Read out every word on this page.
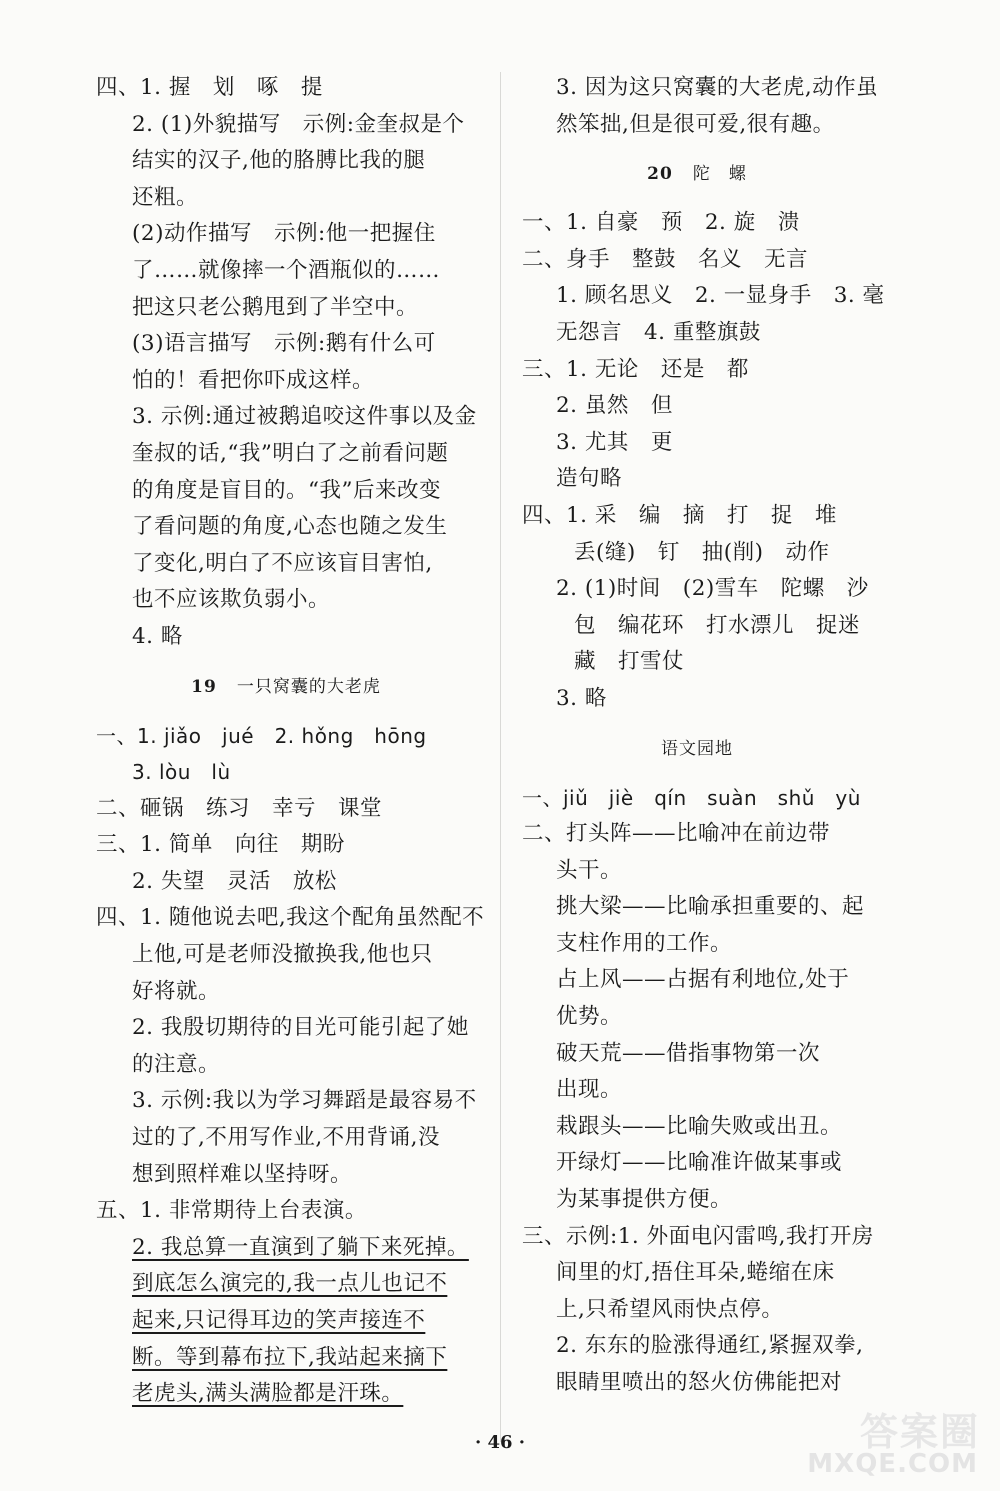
四、1. 握　划　啄　提
2. (1)外貌描写　示例:金奎叔是个
结实的汉子,他的胳膊比我的腿
还粗。
(2)动作描写　示例:他一把握住
了……就像摔一个酒瓶似的……
把这只老公鹅甩到了半空中。
(3)语言描写　示例:鹅有什么可
怕的！看把你吓成这样。
3. 示例:通过被鹅追咬这件事以及金
奎叔的话,“我”明白了之前看问题
的角度是盲目的。“我”后来改变
了看问题的角度,心态也随之发生
了变化,明白了不应该盲目害怕,
也不应该欺负弱小。
4. 略
19 一只窝囊的大老虎
一、1. jiǎo　jué　2. hǒng　hōng
3. lòu　lù
二、砸锅　练习　幸亏　课堂
三、1. 简单　向往　期盼
2. 失望　灵活　放松
四、1. 随他说去吧,我这个配角虽然配不
上他,可是老师没撤换我,他也只
好将就。
2. 我殷切期待的目光可能引起了她
的注意。
3. 示例:我以为学习舞蹈是最容易不
过的了,不用写作业,不用背诵,没
想到照样难以坚持呀。
五、1. 非常期待上台表演。
2. 我总算一直演到了躺下来死掉。
到底怎么演完的,我一点儿也记不
起来,只记得耳边的笑声接连不
断。等到幕布拉下,我站起来摘下
老虎头,满头满脸都是汗珠。
3. 因为这只窝囊的大老虎,动作虽
然笨拙,但是很可爱,很有趣。
20 陀　螺
一、1. 自豪　预　2. 旋　溃
二、身手　整鼓　名义　无言
1. 顾名思义　2. 一显身手　3. 毫
无怨言　4. 重整旗鼓
三、1. 无论　还是　都
2. 虽然　但
3. 尤其　更
造句略
四、1. 采　编　摘　打　捉　堆
丢(缝)　钉　抽(削)　动作
2. (1)时间　(2)雪车　陀螺　沙
包　编花环　打水漂儿　捉迷
藏　打雪仗
3. 略
语文园地
一、jiǔ　jiè　qín　suàn　shǔ　yù
二、打头阵——比喻冲在前边带
头干。
挑大梁——比喻承担重要的、起
支柱作用的工作。
占上风——占据有利地位,处于
优势。
破天荒——借指事物第一次
出现。
栽跟头——比喻失败或出丑。
开绿灯——比喻准许做某事或
为某事提供方便。
三、示例:1. 外面电闪雷鸣,我打开房
间里的灯,捂住耳朵,蜷缩在床
上,只希望风雨快点停。
2. 东东的脸涨得通红,紧握双拳,
眼睛里喷出的怒火仿佛能把对
· 46 ·	答案圈
MXQE.COM
